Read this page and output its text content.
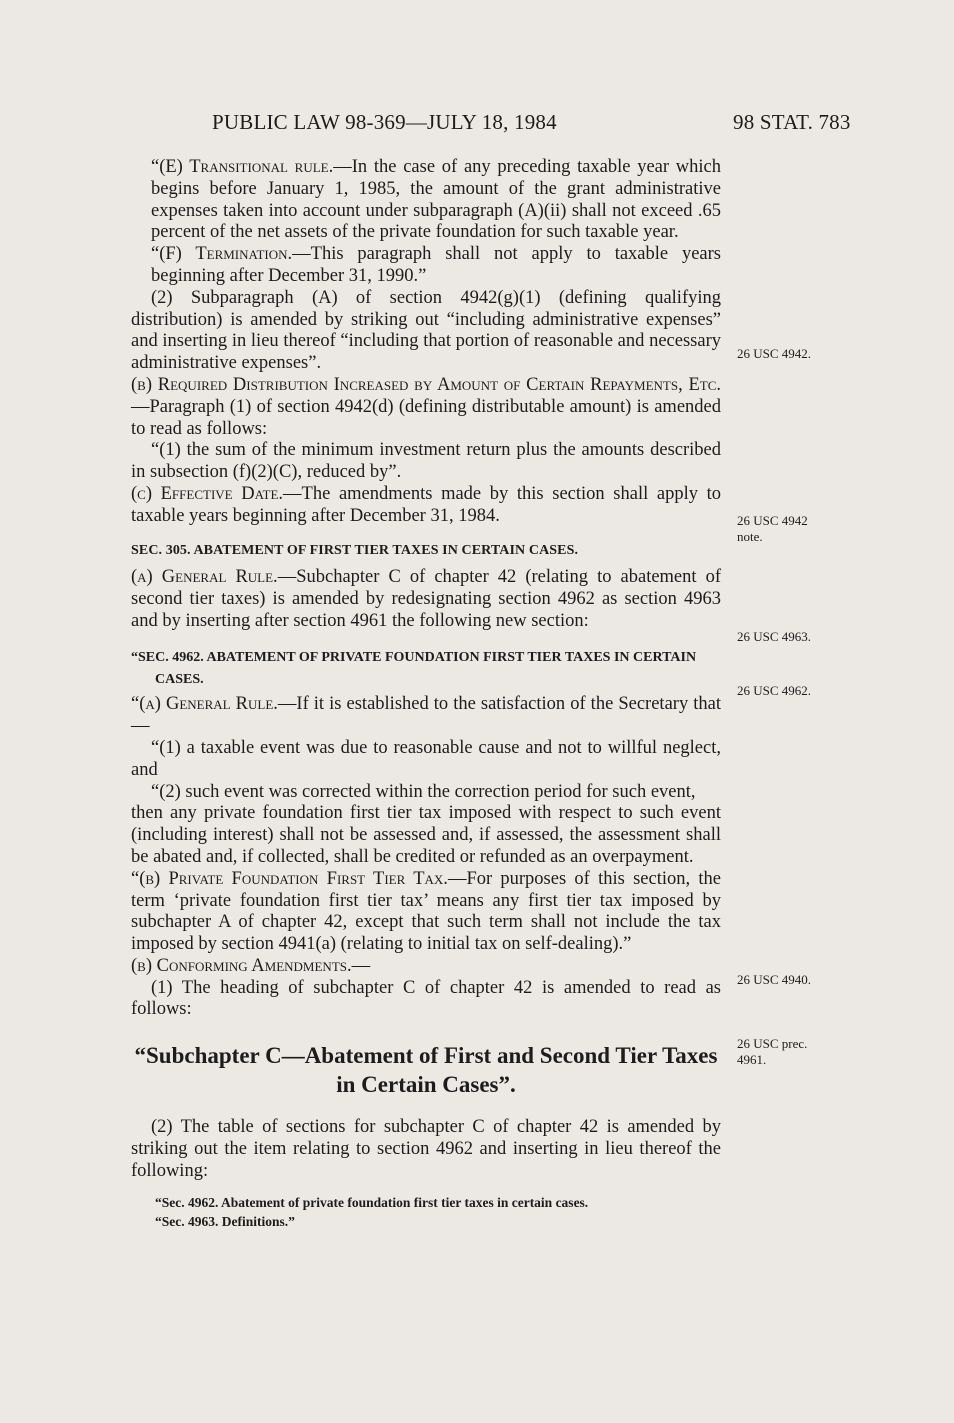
PUBLIC LAW 98-369—JULY 18, 1984	98 STAT. 783

“(E) Transitional rule.—In the case of any preceding taxable year which begins before January 1, 1985, the amount of the grant administrative expenses taken into account under subparagraph (A)(ii) shall not exceed .65 percent of the net assets of the private foundation for such taxable year.

“(F) Termination.—This paragraph shall not apply to taxable years beginning after December 31, 1990.”

(2) Subparagraph (A) of section 4942(g)(1) (defining qualifying distribution) is amended by striking out “including administrative expenses” and inserting in lieu thereof “including that portion of reasonable and necessary administrative expenses”.

(b) Required Distribution Increased by Amount of Certain Repayments, Etc.—Paragraph (1) of section 4942(d) (defining distributable amount) is amended to read as follows:

“(1) the sum of the minimum investment return plus the amounts described in subsection (f)(2)(C), reduced by”.

(c) Effective Date.—The amendments made by this section shall apply to taxable years beginning after December 31, 1984.

SEC. 305. ABATEMENT OF FIRST TIER TAXES IN CERTAIN CASES.

(a) General Rule.—Subchapter C of chapter 42 (relating to abatement of second tier taxes) is amended by redesignating section 4962 as section 4963 and by inserting after section 4961 the following new section:

“SEC. 4962. ABATEMENT OF PRIVATE FOUNDATION FIRST TIER TAXES IN CERTAIN CASES.

“(a) General Rule.—If it is established to the satisfaction of the Secretary that—

“(1) a taxable event was due to reasonable cause and not to willful neglect, and

“(2) such event was corrected within the correction period for such event,

then any private foundation first tier tax imposed with respect to such event (including interest) shall not be assessed and, if assessed, the assessment shall be abated and, if collected, shall be credited or refunded as an overpayment.

“(b) Private Foundation First Tier Tax.—For purposes of this section, the term ‘private foundation first tier tax’ means any first tier tax imposed by subchapter A of chapter 42, except that such term shall not include the tax imposed by section 4941(a) (relating to initial tax on self-dealing).”

(b) Conforming Amendments.—

(1) The heading of subchapter C of chapter 42 is amended to read as follows:

“Subchapter C—Abatement of First and Second Tier Taxes in Certain Cases”.

(2) The table of sections for subchapter C of chapter 42 is amended by striking out the item relating to section 4962 and inserting in lieu thereof the following:

“Sec. 4962. Abatement of private foundation first tier taxes in certain cases.

“Sec. 4963. Definitions.”

26 USC 4942.
26 USC 4942
note.
26 USC 4963.
26 USC 4962.
26 USC 4940.
26 USC prec.
4961.
